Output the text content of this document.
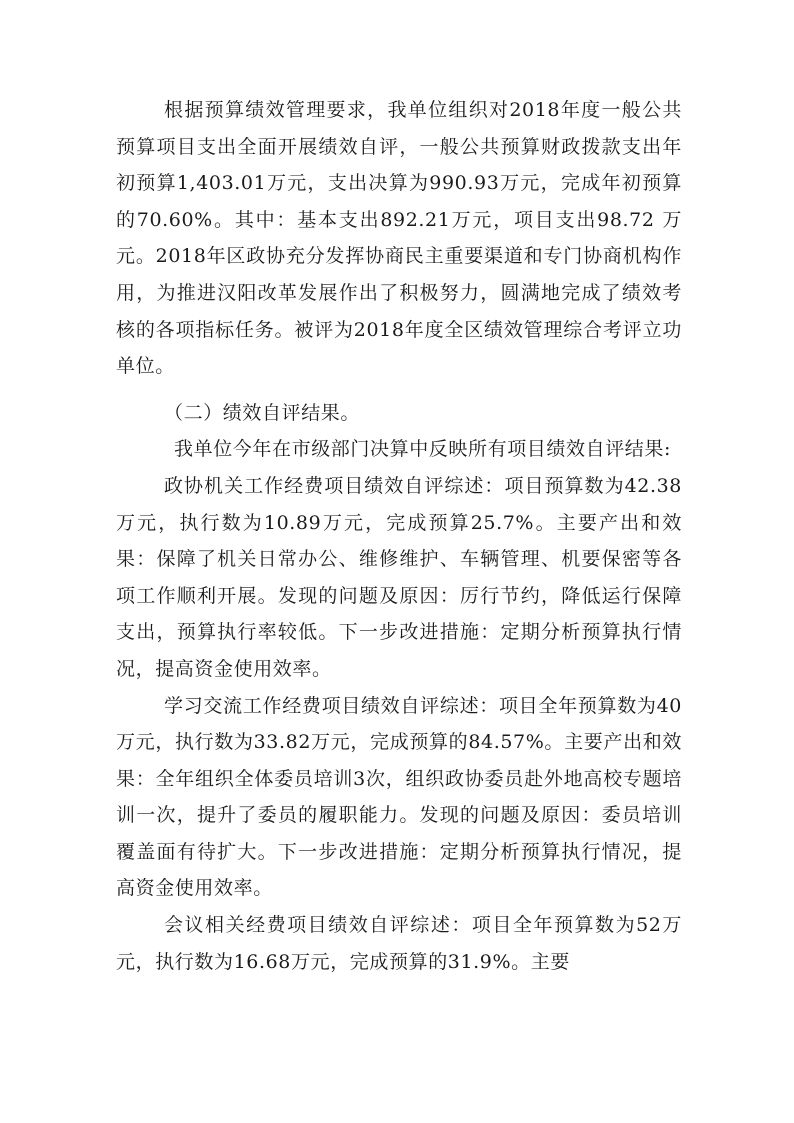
根据预算绩效管理要求，我单位组织对2018年度一般公共预算项目支出全面开展绩效自评，一般公共预算财政拨款支出年初预算1,403.01万元，支出决算为990.93万元，完成年初预算的70.60%。其中：基本支出892.21万元，项目支出98.72 万元。2018年区政协充分发挥协商民主重要渠道和专门协商机构作用，为推进汉阳改革发展作出了积极努力，圆满地完成了绩效考核的各项指标任务。被评为2018年度全区绩效管理综合考评立功单位。

（二）绩效自评结果。

我单位今年在市级部门决算中反映所有项目绩效自评结果:

政协机关工作经费项目绩效自评综述：项目预算数为42.38万元，执行数为10.89万元，完成预算25.7%。主要产出和效果：保障了机关日常办公、维修维护、车辆管理、机要保密等各项工作顺利开展。发现的问题及原因：厉行节约，降低运行保障支出，预算执行率较低。下一步改进措施：定期分析预算执行情况，提高资金使用效率。

学习交流工作经费项目绩效自评综述：项目全年预算数为40万元，执行数为33.82万元，完成预算的84.57%。主要产出和效果：全年组织全体委员培训3次，组织政协委员赴外地高校专题培训一次，提升了委员的履职能力。发现的问题及原因：委员培训覆盖面有待扩大。下一步改进措施：定期分析预算执行情况，提高资金使用效率。

会议相关经费项目绩效自评综述：项目全年预算数为52万元，执行数为16.68万元，完成预算的31.9%。主要
